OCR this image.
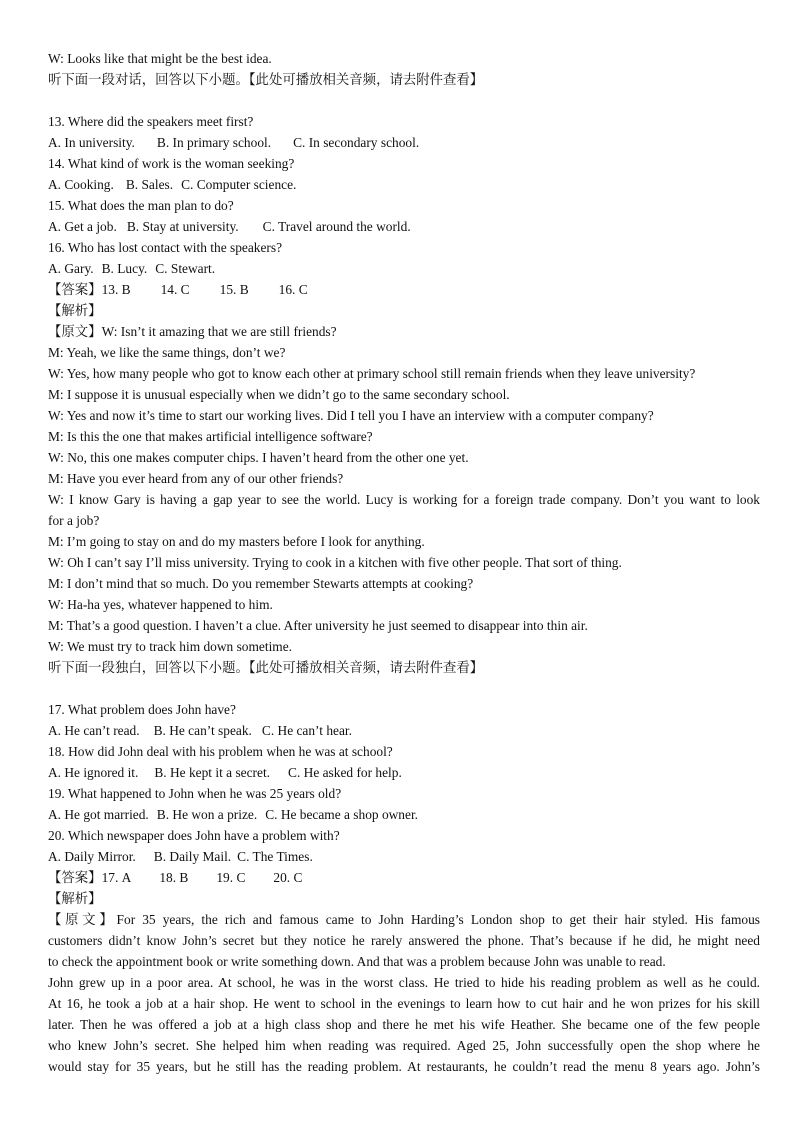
W: Looks like that might be the best idea.
听下面一段对话，回答以下小题。【此处可播放相关音频，请去附件查看】
13. Where did the speakers meet first?
A. In university. B. In primary school. C. In secondary school.
14. What kind of work is the woman seeking?
A. Cooking. B. Sales. C. Computer science.
15. What does the man plan to do?
A. Get a job. B. Stay at university. C. Travel around the world.
16. Who has lost contact with the speakers?
A. Gary. B. Lucy. C. Stewart.
【答案】13. B 14. C 15. B 16. C
【解析】
【原文】W: Isn’t it amazing that we are still friends?
M: Yeah, we like the same things, don’t we?
W: Yes, how many people who got to know each other at primary school still remain friends when they leave university?
M: I suppose it is unusual especially when we didn’t go to the same secondary school.
W: Yes and now it’s time to start our working lives. Did I tell you I have an interview with a computer company?
M: Is this the one that makes artificial intelligence software?
W: No, this one makes computer chips. I haven’t heard from the other one yet.
M: Have you ever heard from any of our other friends?
W: I know Gary is having a gap year to see the world. Lucy is working for a foreign trade company. Don’t you want to look
for a job?
M: I’m going to stay on and do my masters before I look for anything.
W: Oh I can’t say I’ll miss university. Trying to cook in a kitchen with five other people. That sort of thing.
M: I don’t mind that so much. Do you remember Stewarts attempts at cooking?
W: Ha-ha yes, whatever happened to him.
M: That’s a good question. I haven’t a clue. After university he just seemed to disappear into thin air.
W: We must try to track him down sometime.
听下面一段独白，回答以下小题。【此处可播放相关音频，请去附件查看】
17. What problem does John have?
A. He can’t read. B. He can’t speak. C. He can’t hear.
18. How did John deal with his problem when he was at school?
A. He ignored it. B. He kept it a secret. C. He asked for help.
19. What happened to John when he was 25 years old?
A. He got married. B. He won a prize. C. He became a shop owner.
20. Which newspaper does John have a problem with?
A. Daily Mirror. B. Daily Mail. C. The Times.
【答案】17. A 18. B 19. C 20. C
【解析】
【原文】For 35 years, the rich and famous came to John Harding’s London shop to get their hair styled. His famous
customers didn’t know John’s secret but they notice he rarely answered the phone. That’s because if he did, he might need
to check the appointment book or write something down. And that was a problem because John was unable to read.
John grew up in a poor area. At school, he was in the worst class. He tried to hide his reading problem as well as he could.
At 16, he took a job at a hair shop. He went to school in the evenings to learn how to cut hair and he won prizes for his skill
later. Then he was offered a job at a high class shop and there he met his wife Heather. She became one of the few people
who knew John’s secret. She helped him when reading was required. Aged 25, John successfully open the shop where he
would stay for 35 years, but he still has the reading problem. At restaurants, he couldn’t read the menu 8 years ago. John’s
